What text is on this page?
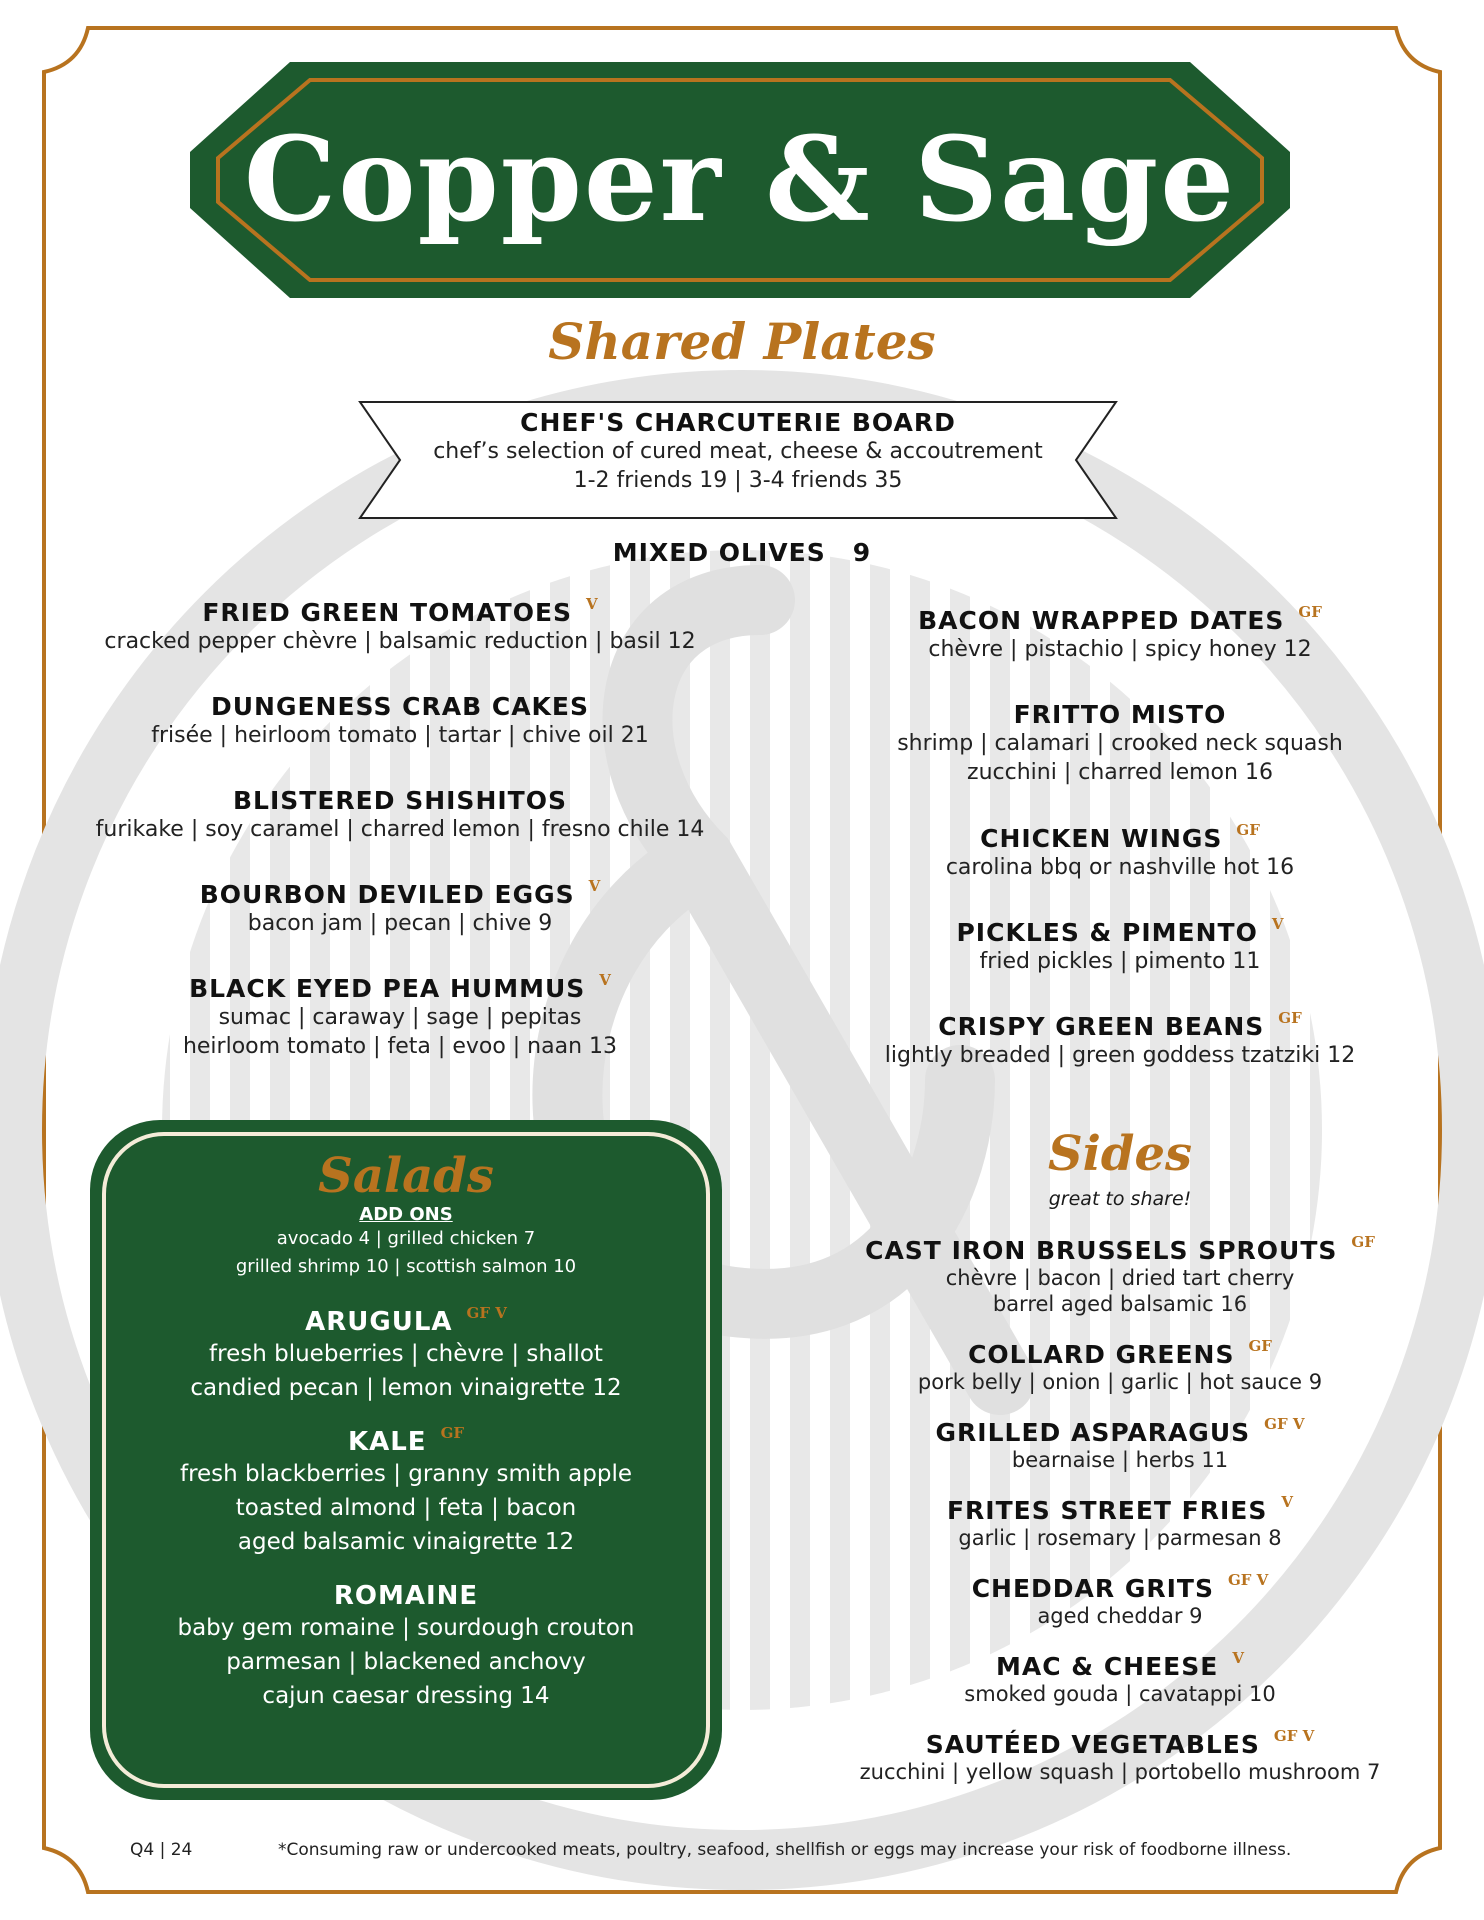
Copper & Sage
Shared Plates
CHEF'S CHARCUTERIE BOARD
chef’s selection of cured meat, cheese & accoutrement
1-2 friends 19 | 3-4 friends 35
MIXED OLIVES 9
FRIED GREEN TOMATOES V
cracked pepper chèvre | balsamic reduction | basil 12
DUNGENESS CRAB CAKES
frisée | heirloom tomato | tartar | chive oil 21
BLISTERED SHISHITOS
furikake | soy caramel | charred lemon | fresno chile 14
BOURBON DEVILED EGGS V
bacon jam | pecan | chive 9
BLACK EYED PEA HUMMUS V
sumac | caraway | sage | pepitas
heirloom tomato | feta | evoo | naan 13
BACON WRAPPED DATES GF
chèvre | pistachio | spicy honey 12
FRITTO MISTO
shrimp | calamari | crooked neck squash
zucchini | charred lemon 16
CHICKEN WINGS GF
carolina bbq or nashville hot 16
PICKLES & PIMENTO V
fried pickles | pimento 11
CRISPY GREEN BEANS GF
lightly breaded | green goddess tzatziki 12
Salads
ADD ONS
avocado 4 | grilled chicken 7
grilled shrimp 10 | scottish salmon 10
ARUGULA GF V
fresh blueberries | chèvre | shallot
candied pecan | lemon vinaigrette 12
KALE GF
fresh blackberries | granny smith apple
toasted almond | feta | bacon
aged balsamic vinaigrette 12
ROMAINE
baby gem romaine | sourdough crouton
parmesan | blackened anchovy
cajun caesar dressing 14
Sides
great to share!
CAST IRON BRUSSELS SPROUTS GF
chèvre | bacon | dried tart cherry
barrel aged balsamic 16
COLLARD GREENS GF
pork belly | onion | garlic | hot sauce 9
GRILLED ASPARAGUS GF V
bearnaise | herbs 11
FRITES STREET FRIES V
garlic | rosemary | parmesan 8
CHEDDAR GRITS GF V
aged cheddar 9
MAC & CHEESE V
smoked gouda | cavatappi 10
SAUTÉED VEGETABLES GF V
zucchini | yellow squash | portobello mushroom 7
Q4 | 24	*Consuming raw or undercooked meats, poultry, seafood, shellfish or eggs may increase your risk of foodborne illness.
